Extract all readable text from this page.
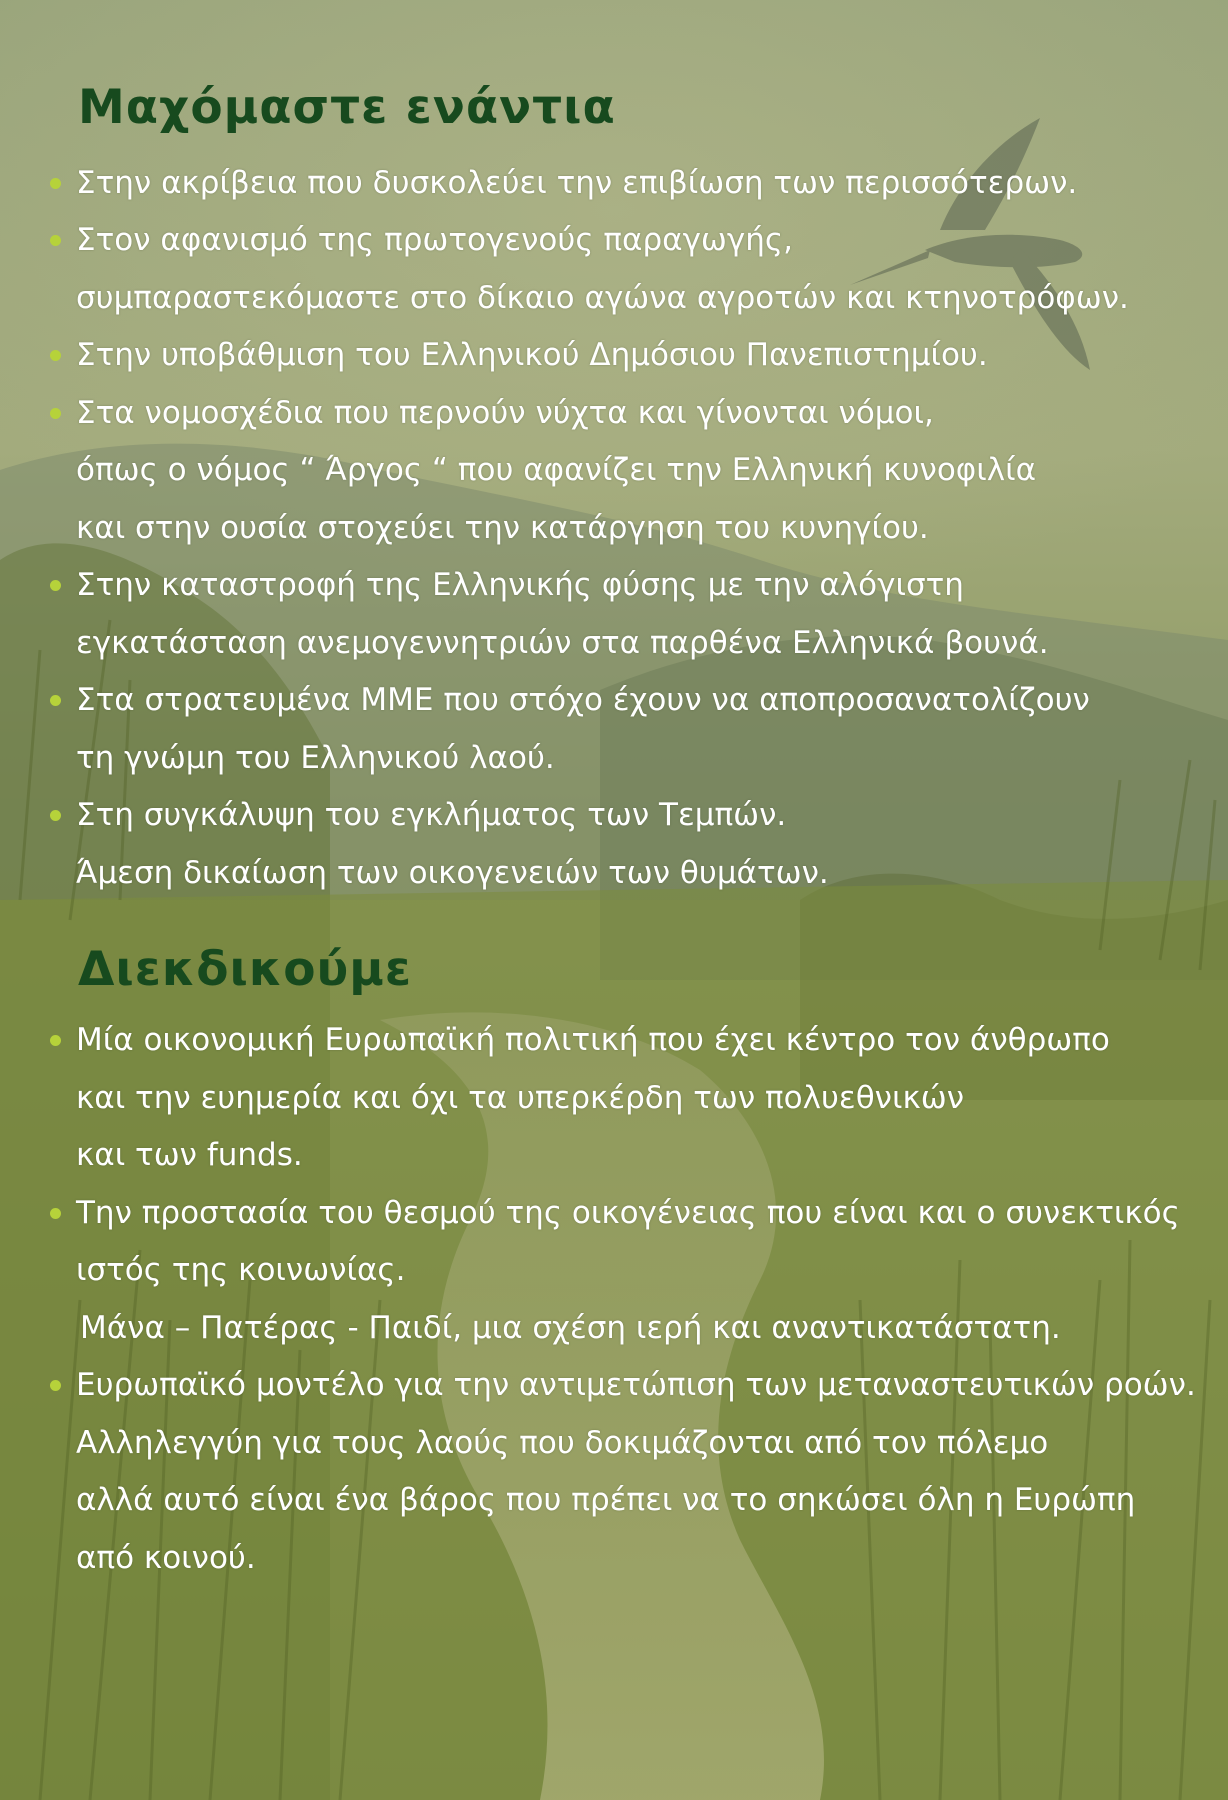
Μαχόμαστε ενάντια
Στην ακρίβεια που δυσκολεύει την επιβίωση των περισσότερων.
Στον αφανισμό της πρωτογενούς παραγωγής,
συμπαραστεκόμαστε στο δίκαιο αγώνα αγροτών και κτηνοτρόφων.
Στην υποβάθμιση του Ελληνικού Δημόσιου Πανεπιστημίου.
Στα νομοσχέδια που περνούν νύχτα και γίνονται νόμοι,
όπως ο νόμος “ Άργος “ που αφανίζει την Ελληνική κυνοφιλία
και στην ουσία στοχεύει την κατάργηση του κυνηγίου.
Στην καταστροφή της Ελληνικής φύσης με την αλόγιστη
εγκατάσταση ανεμογεννητριών στα παρθένα Ελληνικά βουνά.
Στα στρατευμένα ΜΜΕ που στόχο έχουν να αποπροσανατολίζουν
τη γνώμη του Ελληνικού λαού.
Στη συγκάλυψη του εγκλήματος των Τεμπών.
Άμεση δικαίωση των οικογενειών των θυμάτων.
Διεκδικούμε
Μία οικονομική Ευρωπαϊκή πολιτική που έχει κέντρο τον άνθρωπο
και την ευημερία και όχι τα υπερκέρδη των πολυεθνικών
και των funds.
Την προστασία του θεσμού της οικογένειας που είναι και ο συνεκτικός
ιστός της κοινωνίας.
Μάνα – Πατέρας - Παιδί, μια σχέση ιερή και αναντικατάστατη.
Ευρωπαϊκό μοντέλο για την αντιμετώπιση των μεταναστευτικών ροών.
Αλληλεγγύη για τους λαούς που δοκιμάζονται από τον πόλεμο
αλλά αυτό είναι ένα βάρος που πρέπει να το σηκώσει όλη η Ευρώπη
από κοινού.
